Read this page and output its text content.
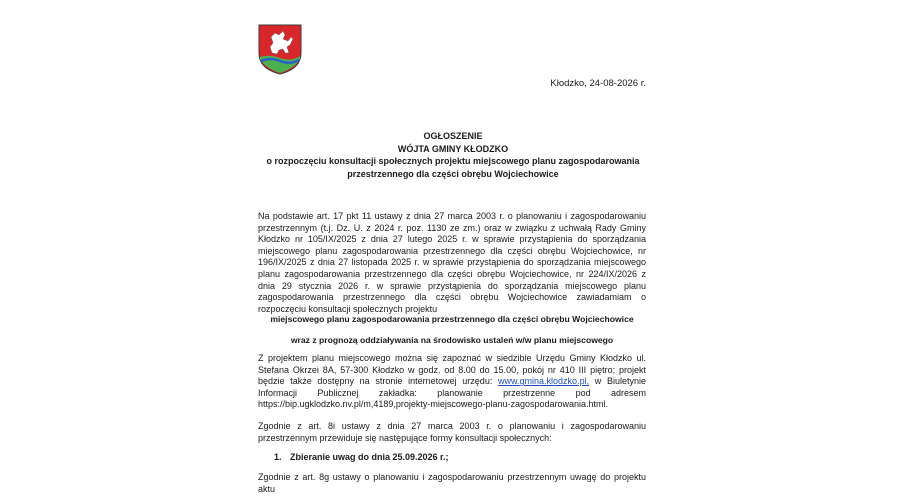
Kłodzko, 24-08-2026 r.
OGŁOSZENIE
WÓJTA GMINY KŁODZKO
o rozpoczęciu konsultacji społecznych projektu miejscowego planu zagospodarowania
przestrzennego dla części obrębu Wojciechowice
Na podstawie art. 17 pkt 11 ustawy z dnia 27 marca 2003 r. o planowaniu i zagospodarowaniu przestrzennym (t.j. Dz. U. z 2024 r. poz. 1130 ze zm.) oraz w związku z uchwałą Rady Gminy Kłodzko nr 105/IX/2025 z dnia 27 lutego 2025 r. w sprawie przystąpienia do sporządzania miejscowego planu zagospodarowania przestrzennego dla części obrębu Wojciechowice, nr 196/IX/2025 z dnia 27 listopada 2025 r. w sprawie przystąpienia do sporządzania miejscowego planu zagospodarowania przestrzennego dla części obrębu Wojciechowice, nr 224/IX/2026 z dnia 29 stycznia 2026 r. w sprawie przystąpienia do sporządzania miejscowego planu zagospodarowania przestrzennego dla części obrębu Wojciechowice zawiadamiam o rozpoczęciu konsultacji społecznych projektu
miejscowego planu zagospodarowania przestrzennego dla części obrębu Wojciechowice
wraz z prognozą oddziaływania na środowisko ustaleń w/w planu miejscowego
Z projektem planu miejscowego można się zapoznać w siedzibie Urzędu Gminy Kłodzko ul. Stefana Okrzei 8A, 57-300 Kłodzko w godz. od 8.00 do 15.00, pokój nr 410 III piętro; projekt będzie także dostępny na stronie internetowej urzędu: www.gmina.klodzko.pl, w Biuletynie Informacji Publicznej zakładka: planowanie przestrzenne pod adresem https://bip.ugklodzko.nv.pl/m,4189,projekty-miejscowego-planu-zagospodarowania.html.
Zgodnie z art. 8i ustawy z dnia 27 marca 2003 r. o planowaniu i zagospodarowaniu przestrzennym przewiduje się następujące formy konsultacji społecznych:
1. Zbieranie uwag do dnia 25.09.2026 r.;
Zgodnie z art. 8g ustawy o planowaniu i zagospodarowaniu przestrzennym uwagę do projektu aktu
